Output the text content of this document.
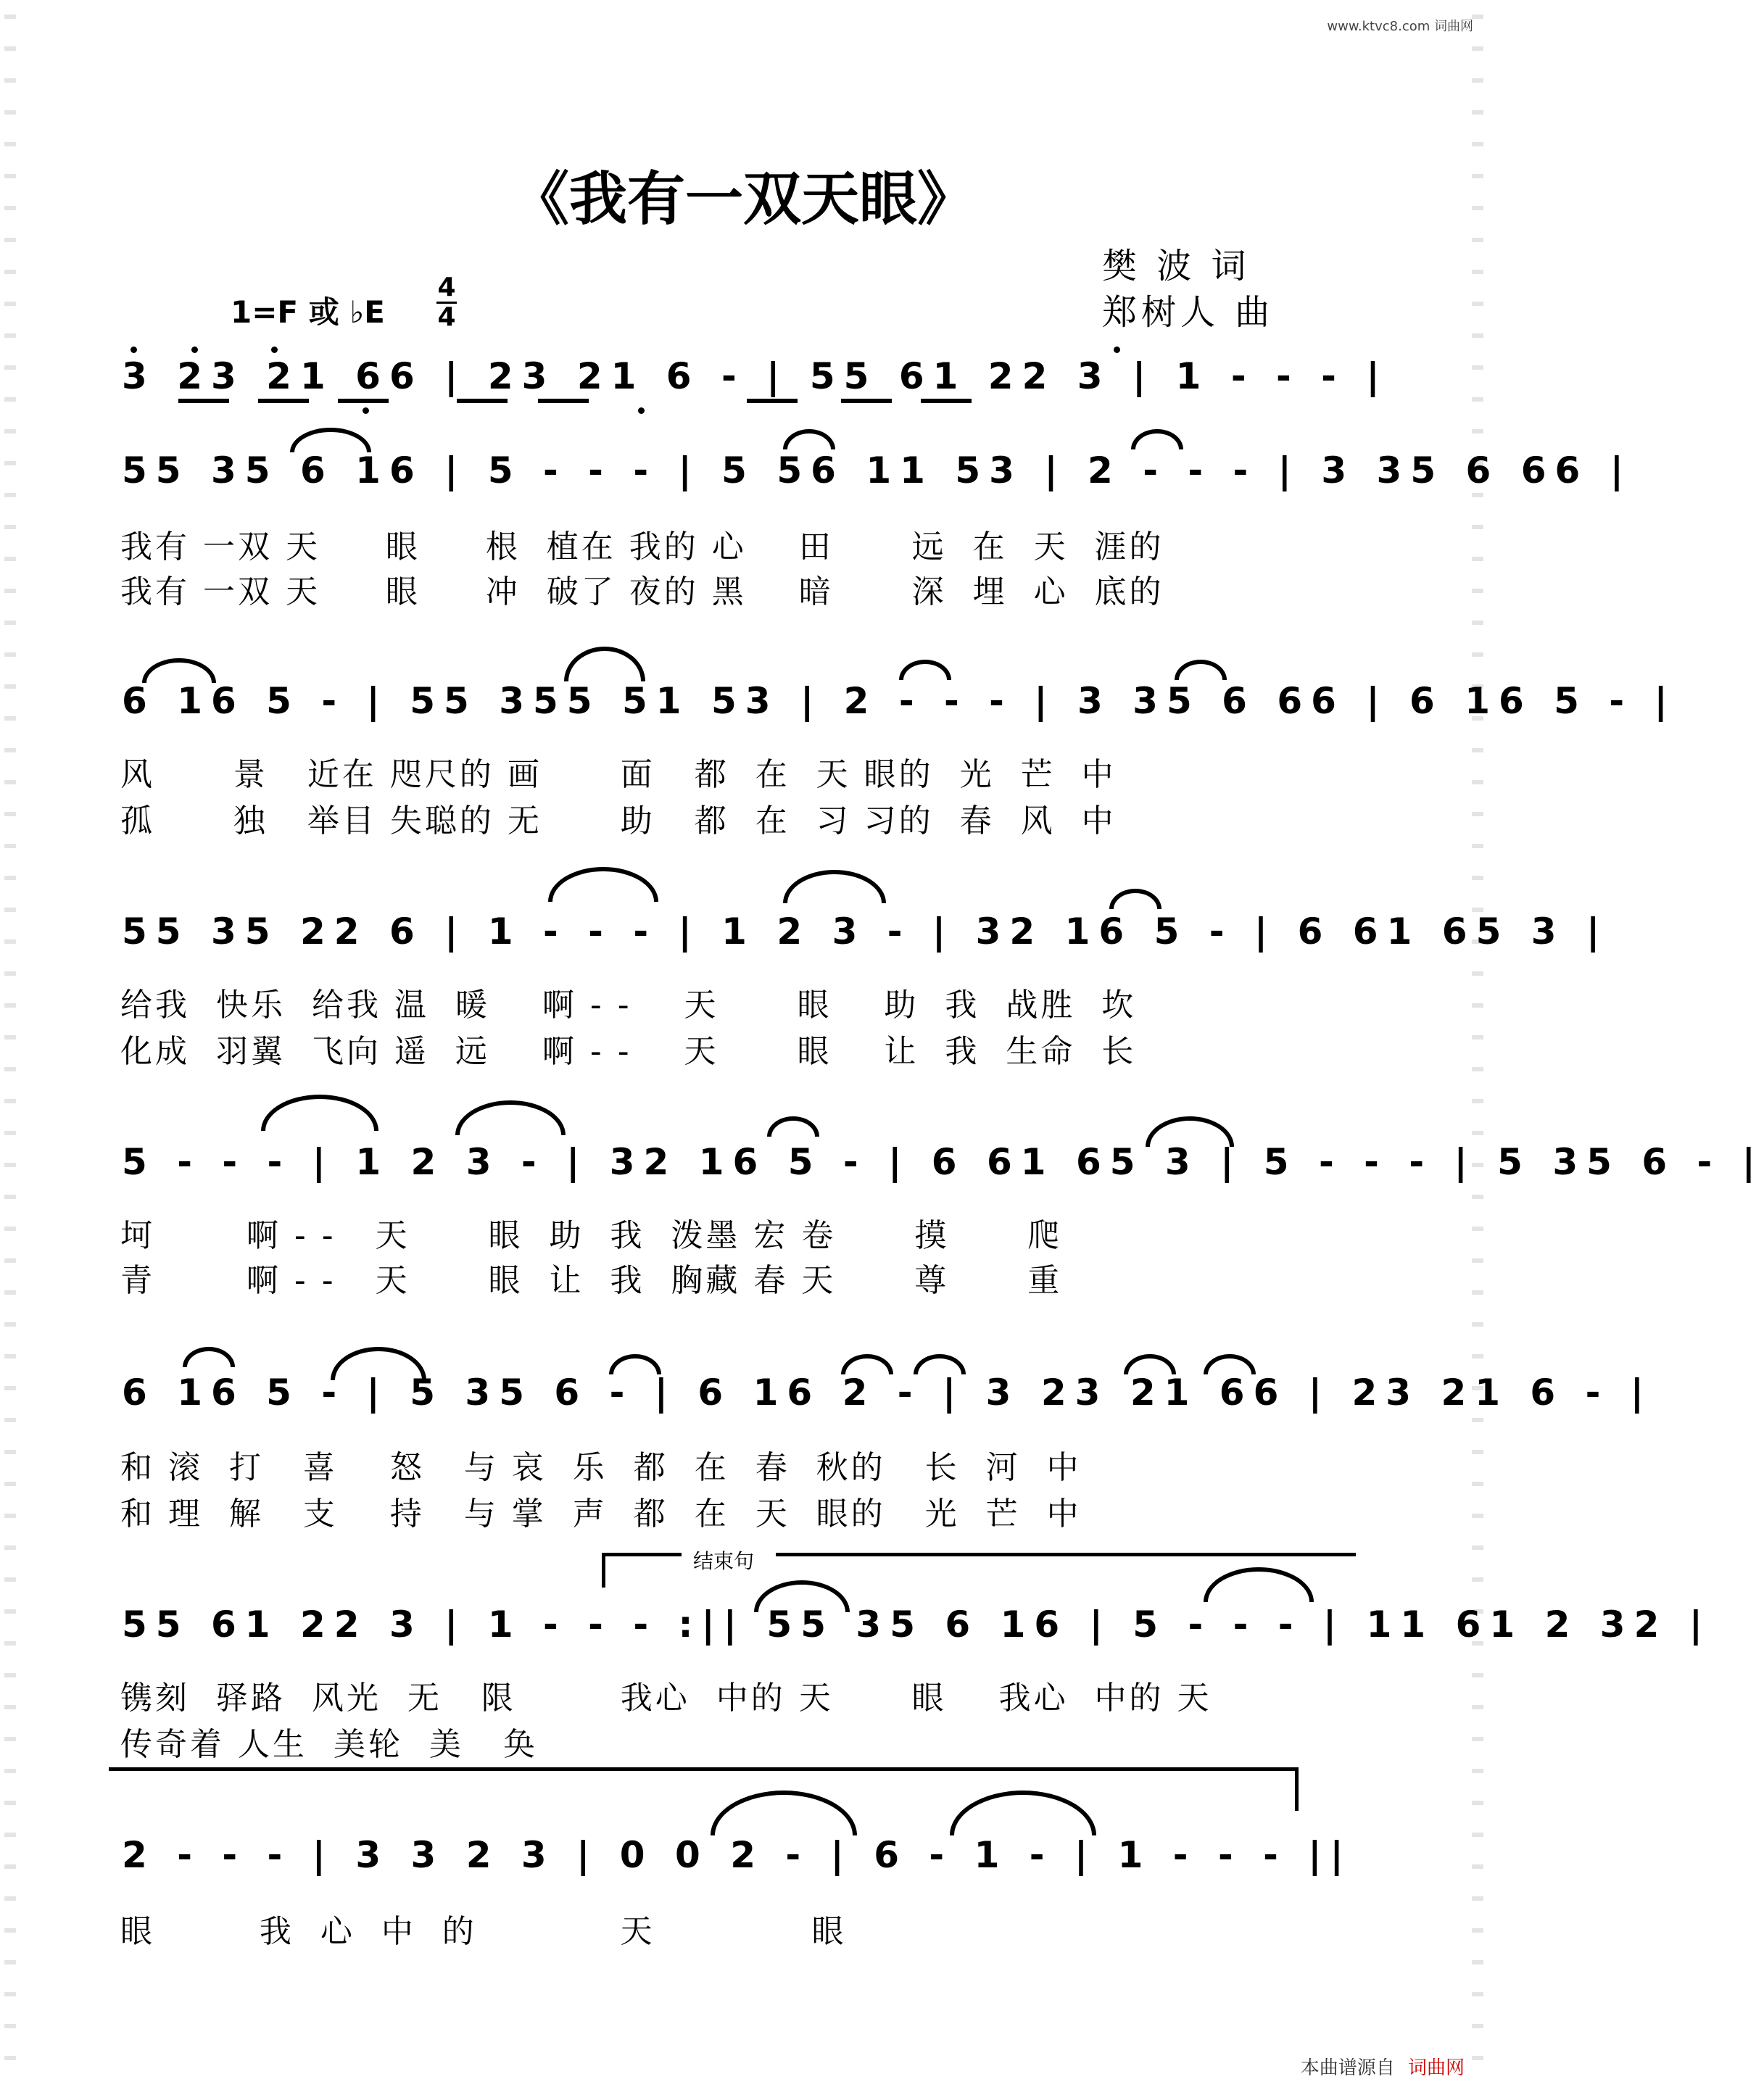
www.ktvc8.com 词曲网
《我有一双天眼》
樊 波 词
郑树人 曲
1=F 或 ♭E
4
4
3 23 21 66 | 23 21 6 - | 55 61 22 3 | 1 - - - |
55 35 6 16 | 5 - - - | 5 56 11 53 | 2 - - - | 3 35 6 66 |
我有 一双 天     眼     根  植在 我的 心    田      远  在  天  涯的
我有 一双 天     眼     冲  破了 夜的 黑    暗      深  埋  心  底的
6 16 5 - | 55 355 51 53 | 2 - - - | 3 35 6 66 | 6 16 5 - |
风      景   近在 咫尺的 画      面   都  在  天 眼的  光  芒  中
孤      独   举目 失聪的 无      助   都  在  习 习的  春  风  中
55 35 22 6 | 1 - - - | 1 2 3 - | 32 16 5 - | 6 61 65 3 |
给我  快乐  给我 温  暖    啊 - -    天      眼    助  我  战胜  坎
化成  羽翼  飞向 遥  远    啊 - -    天      眼    让  我  生命  长
5 - - - | 1 2 3 - | 32 16 5 - | 6 61 65 3 | 5 - - - | 5 35 6 - |
坷       啊 - -   天      眼  助  我  泼墨 宏 卷      摸      爬
青       啊 - -   天      眼  让  我  胸藏 春 天      尊      重
6 16 5 - | 5 35 6 - | 6 16 2 - | 3 23 21 66 | 23 21 6 - |
和 滚  打   喜    怒   与 哀  乐  都  在  春  秋的   长  河  中
和 理  解   支    持   与 掌  声  都  在  天  眼的   光  芒  中
结束句
55 61 22 3 | 1 - - - :|| 55 35 6 16 | 5 - - - | 11 61 2 32 |
镌刻  驿路  风光  无   限        我心  中的 天      眼    我心  中的 天
传奇着 人生  美轮  美   奂
2 - - - | 3 3 2 3 | 0 0 2 - | 6 - 1 - | 1 - - - ||
眼        我  心  中  的           天            眼
本曲谱源自 词曲网
